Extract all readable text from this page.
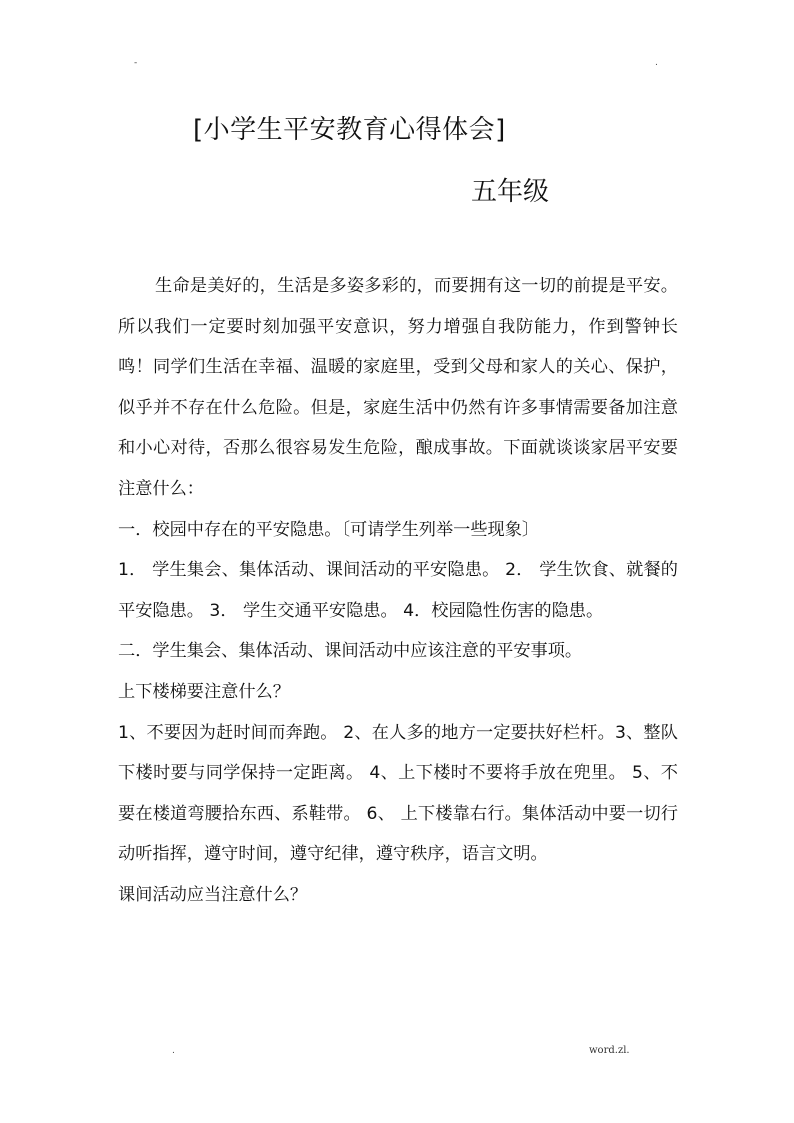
-	.
[小学生平安教育心得体会]
五年级

生命是美好的，生活是多姿多彩的，而要拥有这一切的前提是平安。所以我们一定要时刻加强平安意识，努力增强自我防能力，作到警钟长鸣！同学们生活在幸福、温暖的家庭里，受到父母和家人的关心、保护，似乎并不存在什么危险。但是，家庭生活中仍然有许多事情需要备加注意和小心对待，否那么很容易发生危险，酿成事故。下面就谈谈家居平安要注意什么：

一．校园中存在的平安隐患。〔可请学生列举一些现象〕

1． 学生集会、集体活动、课间活动的平安隐患。 2． 学生饮食、就餐的平安隐患。 3． 学生交通平安隐患。 4．校园隐性伤害的隐患。

二．学生集会、集体活动、课间活动中应该注意的平安事项。

上下楼梯要注意什么？

1、不要因为赶时间而奔跑。 2、在人多的地方一定要扶好栏杆。3、整队下楼时要与同学保持一定距离。 4、上下楼时不要将手放在兜里。 5、不要在楼道弯腰拾东西、系鞋带。 6、 上下楼靠右行。集体活动中要一切行动听指挥，遵守时间，遵守纪律，遵守秩序，语言文明。

课间活动应当注意什么？

.	word.zl.
